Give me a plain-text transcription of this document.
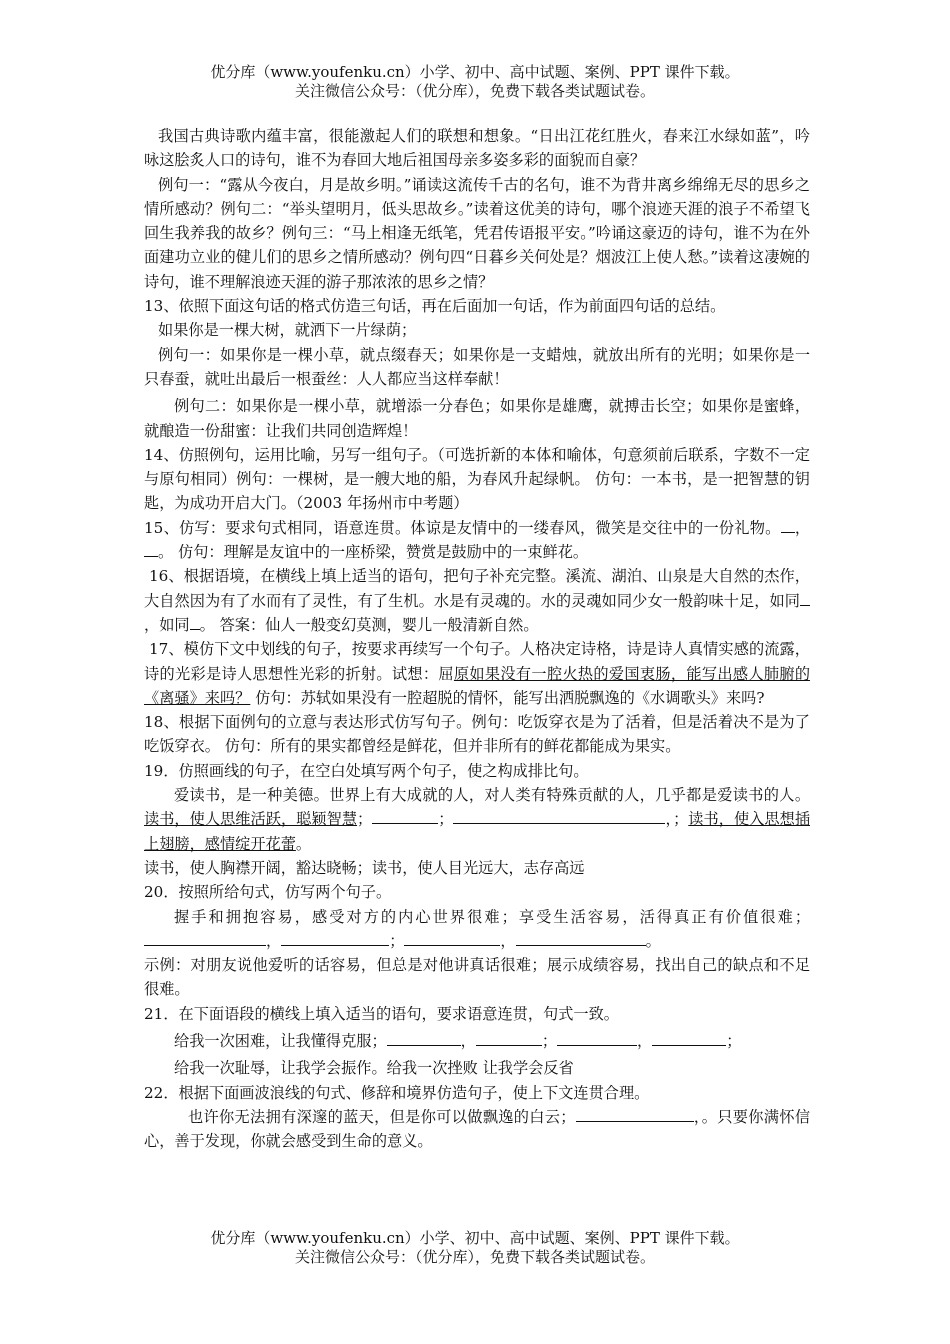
优分库（www.youfenku.cn）小学、初中、高中试题、案例、PPT 课件下载。
关注微信公众号：（优分库），免费下载各类试题试卷。

我国古典诗歌内蕴丰富，很能激起人们的联想和想象。“日出江花红胜火，春来江水绿如蓝”，吟咏这脍炙人口的诗句，谁不为春回大地后祖国母亲多姿多彩的面貌而自豪？

例句一：“露从今夜白，月是故乡明。”诵读这流传千古的名句，谁不为背井离乡绵绵无尽的思乡之情所感动？例句二：“举头望明月，低头思故乡。”读着这优美的诗句，哪个浪迹天涯的浪子不希望飞回生我养我的故乡？例句三：“马上相逢无纸笔，凭君传语报平安。”吟诵这豪迈的诗句，谁不为在外面建功立业的健儿们的思乡之情所感动？例句四“日暮乡关何处是？烟波江上使人愁。”读着这凄婉的诗句，谁不理解浪迹天涯的游子那浓浓的思乡之情？

13、依照下面这句话的格式仿造三句话，再在后面加一句话，作为前面四句话的总结。

如果你是一棵大树，就洒下一片绿荫；

例句一：如果你是一棵小草，就点缀春天；如果你是一支蜡烛，就放出所有的光明；如果你是一只春蚕，就吐出最后一根蚕丝：人人都应当这样奉献！

例句二：如果你是一棵小草，就增添一分春色；如果你是雄鹰，就搏击长空；如果你是蜜蜂，就酿造一份甜蜜：让我们共同创造辉煌！

14、仿照例句，运用比喻，另写一组句子。（可选折新的本体和喻体，句意须前后联系，字数不一定与原句相同）例句：一棵树，是一艘大地的船，为春风升起绿帆。 仿句：一本书，是一把智慧的钥匙，为成功开启大门。（2003 年扬州市中考题）

15、仿写：要求句式相同，语意连贯。体谅是友情中的一缕春风，微笑是交往中的一份礼物。 ，。 仿句：理解是友谊中的一座桥梁，赞赏是鼓励中的一束鲜花。

16、根据语境，在横线上填上适当的语句，把句子补充完整。溪流、湖泊、山泉是大自然的杰作，大自然因为有了水而有了灵性，有了生机。水是有灵魂的。水的灵魂如同少女一般韵味十足，如同，如同 。 答案：仙人一般变幻莫测，婴儿一般清新自然。

17、模仿下文中划线的句子，按要求再续写一个句子。人格决定诗格，诗是诗人真情实感的流露，诗的光彩是诗人思想性光彩的折射。试想：屈原如果没有一腔火热的爱国衷肠，能写出感人肺腑的《离骚》来吗？ 仿句：苏轼如果没有一腔超脱的情怀，能写出洒脱飘逸的《水调歌头》来吗?

18、根据下面例句的立意与表达形式仿写句子。例句：吃饭穿衣是为了活着，但是活着决不是为了吃饭穿衣。 仿句：所有的果实都曾经是鲜花，但并非所有的鲜花都能成为果实。

19．仿照画线的句子，在空白处填写两个句子，使之构成排比句。

爱读书，是一种美德。世界上有大成就的人，对人类有特殊贡献的人，几乎都是爱读书的人。 读书，使人思维活跃，聪颖智慧；	；	，；读书，使入思想插上翅膀，感情绽开花蕾。

读书，使人胸襟开阔，豁达晓畅；读书，使人目光远大，志存高远

20．按照所给句式，仿写两个句子。

握手和拥抱容易，感受对方的内心世界很难；享受生活容易，活得真正有价值很难；，	；	，	。

示例：对朋友说他爱听的话容易，但总是对他讲真话很难；展示成绩容易，找出自己的缺点和不足很难。

21．在下面语段的横线上填入适当的语句，要求语意连贯，句式一致。

给我一次困难，让我懂得克服；	，	；	，	；

给我一次耻辱，让我学会振作。给我一次挫败 让我学会反省

22．根据下面画波浪线的句式、修辞和境界仿造句子，使上下文连贯合理。

也许你无法拥有深邃的蓝天，但是你可以做飘逸的白云；	，。只要你满怀信心，善于发现，你就会感受到生命的意义。

优分库（www.youfenku.cn）小学、初中、高中试题、案例、PPT 课件下载。
关注微信公众号：（优分库），免费下载各类试题试卷。
